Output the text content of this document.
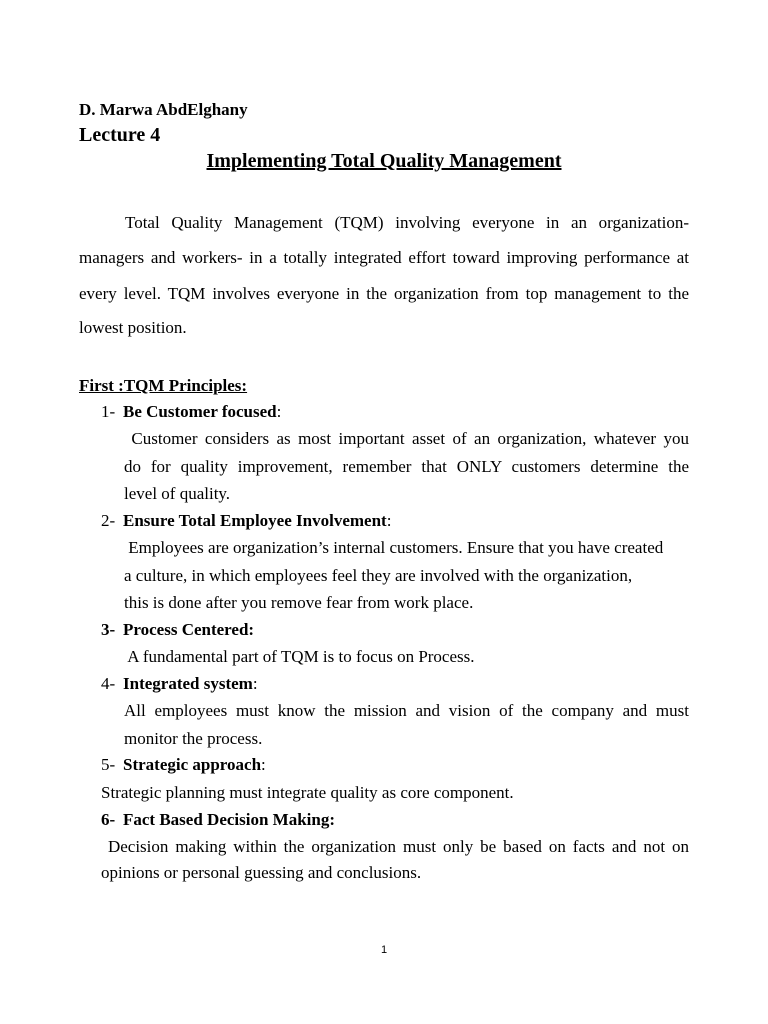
D. Marwa AbdElghany
Lecture 4
Implementing Total Quality Management
Total Quality Management (TQM) involving everyone in an organization-
managers and workers- in a totally integrated effort toward improving performance at
every level. TQM involves everyone in the organization from top management to the
lowest position.
First :TQM Principles:
1- Be Customer focused:
Customer considers as most important asset of an organization, whatever you
do for quality improvement, remember that ONLY customers determine the
level of quality.
2- Ensure Total Employee Involvement:
Employees are organization’s internal customers. Ensure that you have created
a culture, in which employees feel they are involved with the organization,
this is done after you remove fear from work place.
3- Process Centered:
A fundamental part of TQM is to focus on Process.
4- Integrated system:
All employees must know the mission and vision of the company and must
monitor the process.
5- Strategic approach:
Strategic planning must integrate quality as core component.
6- Fact Based Decision Making:
Decision making within the organization must only be based on facts and not on
opinions or personal guessing and conclusions.
1
